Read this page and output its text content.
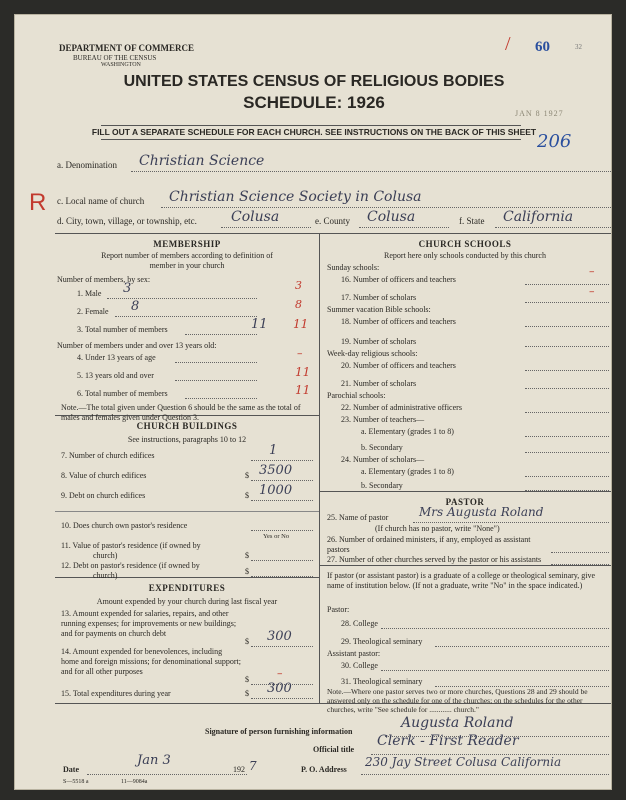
DEPARTMENT OF COMMERCE
BUREAU OF THE CENSUS
WASHINGTON
60	32
/
JAN 8 1927
206
UNITED STATES CENSUS OF RELIGIOUS BODIES
SCHEDULE: 1926
FILL OUT A SEPARATE SCHEDULE FOR EACH CHURCH. SEE INSTRUCTIONS ON THE BACK OF THIS SHEET
R
a. Denomination Christian Science
c. Local name of church Christian Science Society in Colusa
d. City, town, village, or township, etc. Colusa	e. County Colusa	f. State California
MEMBERSHIP
Report number of members according to definition of
member in your church
Number of members, by sex:
1. Male 3	3
2. Female 8	8
3. Total number of members	11 11
Number of members under and over 13 years old:
4. Under 13 years of age	–
5. 13 years old and over	11
6. Total number of members	11
Note.—The total given under Question 6 should be the same as the total of males and females given under Question 3.
CHURCH BUILDINGS
See instructions, paragraphs 10 to 12
7. Number of church edifices	1
8. Value of church edifices	$ 3500
9. Debt on church edifices	$ 1000
10. Does church own pastor's residence
Yes or No
11. Value of pastor's residence (if owned by
church)	$
12. Debt on pastor's residence (if owned by
church)	$
EXPENDITURES
Amount expended by your church during last fiscal year
13. Amount expended for salaries, repairs, and other running expenses; for improvements or new buildings; and for payments on church debt
$ 300
14. Amount expended for benevolences, including home and foreign missions; for denominational support; and for all other purposes
$	–
15. Total expenditures during year	$ 300
CHURCH SCHOOLS
Report here only schools conducted by this church
Sunday schools:
16. Number of officers and teachers
–
17. Number of scholars	–
Summer vacation Bible schools:
18. Number of officers and teachers
19. Number of scholars
Week-day religious schools:
20. Number of officers and teachers
21. Number of scholars
Parochial schools:
22. Number of administrative officers
23. Number of teachers—
a. Elementary (grades 1 to 8)
b. Secondary
24. Number of scholars—
a. Elementary (grades 1 to 8)
b. Secondary
PASTOR
25. Name of pastor	Mrs Augusta Roland
(If church has no pastor, write "None")
26. Number of ordained ministers, if any, employed as assistant pastors
27. Number of other churches served by the pastor or his assistants
If pastor (or assistant pastor) is a graduate of a college or theological seminary, give name of institution below. (If not a graduate, write "No" in the space indicated.)
Pastor:
28. College
29. Theological seminary
Assistant pastor:
30. College
31. Theological seminary
Note.—Where one pastor serves two or more churches, Questions 28 and 29 should be answered only on the schedule for one of the churches; on the schedules for the other churches, write "See schedule for ............ church."
Signature of person furnishing information
Augusta Roland
Official title
Clerk - First Reader
Date
Jan 3
192 7	P. O. Address
230 Jay Street Colusa California
S—5518 a	11—9084a
